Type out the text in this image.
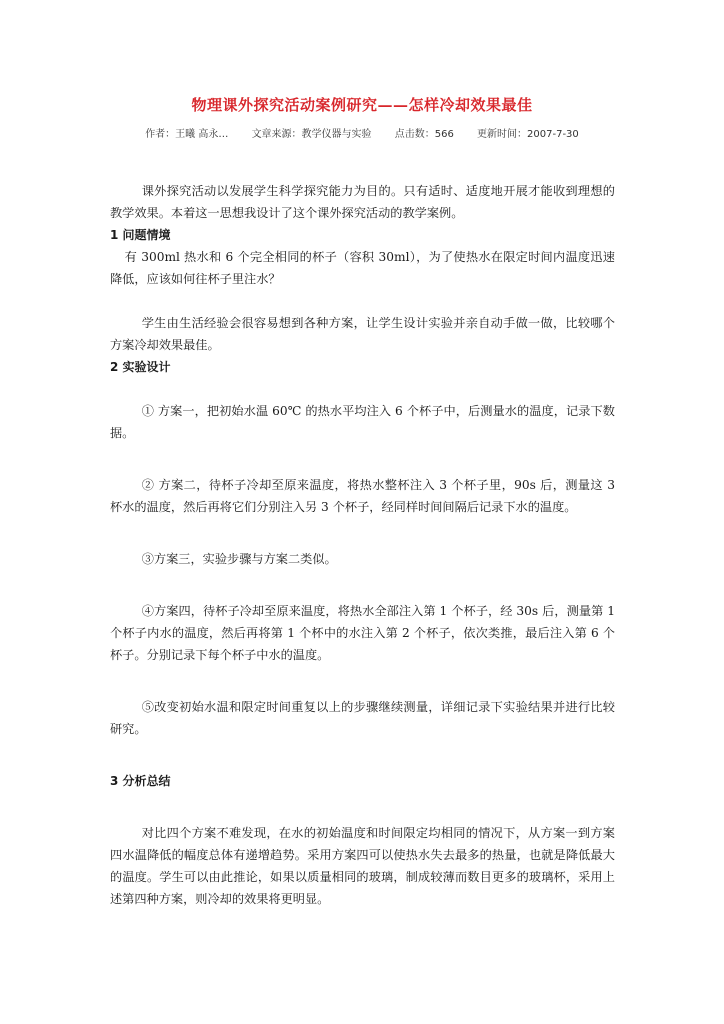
物理课外探究活动案例研究——怎样冷却效果最佳
作者：王曦 高永… 文章来源：教学仪器与实验 点击数：566 更新时间：2007-7-30

课外探究活动以发展学生科学探究能力为目的。只有适时、适度地开展才能收到理想的教学效果。本着这一思想我设计了这个课外探究活动的教学案例。

1 问题情境

有 300ml 热水和 6 个完全相同的杯子（容积 30ml），为了使热水在限定时间内温度迅速降低，应该如何往杯子里注水？

学生由生活经验会很容易想到各种方案，让学生设计实验并亲自动手做一做，比较哪个方案冷却效果最佳。

2 实验设计

① 方案一，把初始水温 60℃ 的热水平均注入 6 个杯子中，后测量水的温度，记录下数据。

② 方案二，待杯子冷却至原来温度，将热水整杯注入 3 个杯子里，90s 后，测量这 3 杯水的温度，然后再将它们分别注入另 3 个杯子，经同样时间间隔后记录下水的温度。

③方案三，实验步骤与方案二类似。

④方案四，待杯子冷却至原来温度，将热水全部注入第 1 个杯子，经 30s 后，测量第 1 个杯子内水的温度，然后再将第 1 个杯中的水注入第 2 个杯子，依次类推，最后注入第 6 个杯子。分别记录下每个杯子中水的温度。

⑤改变初始水温和限定时间重复以上的步骤继续测量，详细记录下实验结果并进行比较研究。

3 分析总结

对比四个方案不难发现，在水的初始温度和时间限定均相同的情况下，从方案一到方案四水温降低的幅度总体有递增趋势。采用方案四可以使热水失去最多的热量，也就是降低最大的温度。学生可以由此推论，如果以质量相同的玻璃，制成较薄而数目更多的玻璃杯，采用上述第四种方案，则冷却的效果将更明显。
